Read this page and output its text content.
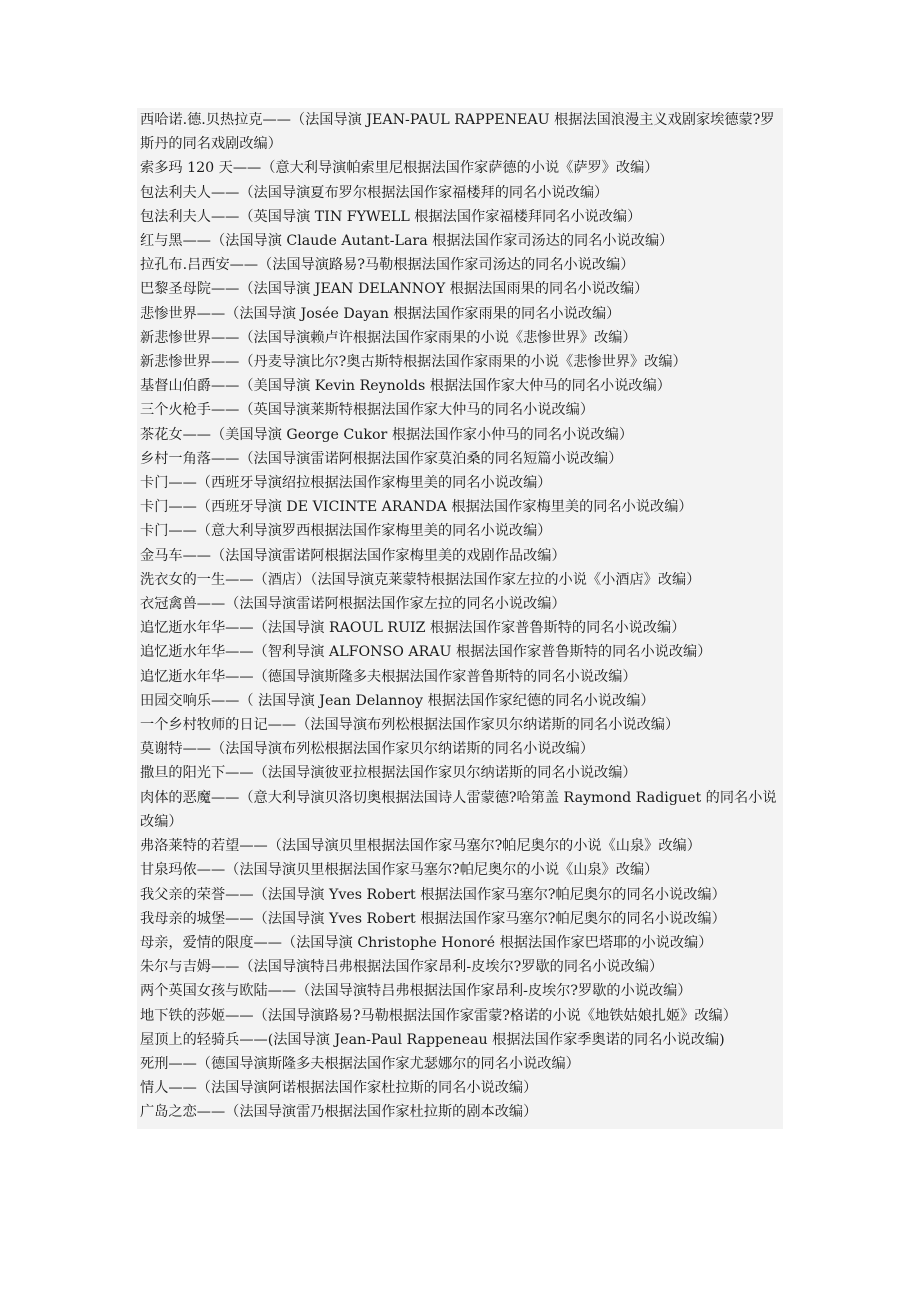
西哈诺.德.贝热拉克——（法国导演 JEAN-PAUL RAPPENEAU 根据法国浪漫主义戏剧家埃德蒙?罗斯丹的同名戏剧改编）

索多玛 120 天——（意大利导演帕索里尼根据法国作家萨德的小说《萨罗》改编）

包法利夫人——（法国导演夏布罗尔根据法国作家福楼拜的同名小说改编）

包法利夫人——（英国导演 TIN FYWELL 根据法国作家福楼拜同名小说改编）

红与黑——（法国导演 Claude Autant-Lara 根据法国作家司汤达的同名小说改编）

拉孔布.吕西安——（法国导演路易?马勒根据法国作家司汤达的同名小说改编）

巴黎圣母院——（法国导演 JEAN DELANNOY 根据法国雨果的同名小说改编）

悲惨世界——（法国导演 Josée Dayan 根据法国作家雨果的同名小说改编）

新悲惨世界——（法国导演赖卢许根据法国作家雨果的小说《悲惨世界》改编）

新悲惨世界——（丹麦导演比尔?奥古斯特根据法国作家雨果的小说《悲惨世界》改编）

基督山伯爵——（美国导演 Kevin Reynolds 根据法国作家大仲马的同名小说改编）

三个火枪手——（英国导演莱斯特根据法国作家大仲马的同名小说改编）

茶花女——（美国导演 George Cukor 根据法国作家小仲马的同名小说改编）

乡村一角落——（法国导演雷诺阿根据法国作家莫泊桑的同名短篇小说改编）

卡门——（西班牙导演绍拉根据法国作家梅里美的同名小说改编）

卡门——（西班牙导演 DE VICINTE ARANDA 根据法国作家梅里美的同名小说改编）

卡门——（意大利导演罗西根据法国作家梅里美的同名小说改编）

金马车——（法国导演雷诺阿根据法国作家梅里美的戏剧作品改编）

洗衣女的一生——（酒店）（法国导演克莱蒙特根据法国作家左拉的小说《小酒店》改编）

衣冠禽兽——（法国导演雷诺阿根据法国作家左拉的同名小说改编）

追忆逝水年华——（法国导演 RAOUL RUIZ 根据法国作家普鲁斯特的同名小说改编）

追忆逝水年华——（智利导演 ALFONSO ARAU 根据法国作家普鲁斯特的同名小说改编）

追忆逝水年华——（德国导演斯隆多夫根据法国作家普鲁斯特的同名小说改编）

田园交响乐——（ 法国导演 Jean Delannoy 根据法国作家纪德的同名小说改编）

一个乡村牧师的日记——（法国导演布列松根据法国作家贝尔纳诺斯的同名小说改编）

莫谢特——（法国导演布列松根据法国作家贝尔纳诺斯的同名小说改编）

撒旦的阳光下——（法国导演彼亚拉根据法国作家贝尔纳诺斯的同名小说改编）

肉体的恶魔——（意大利导演贝洛切奥根据法国诗人雷蒙德?哈第盖 Raymond Radiguet 的同名小说改编）

弗洛莱特的若望——（法国导演贝里根据法国作家马塞尔?帕尼奥尔的小说《山泉》改编）

甘泉玛侬——（法国导演贝里根据法国作家马塞尔?帕尼奥尔的小说《山泉》改编）

我父亲的荣誉——（法国导演 Yves Robert 根据法国作家马塞尔?帕尼奥尔的同名小说改编）

我母亲的城堡——（法国导演 Yves Robert 根据法国作家马塞尔?帕尼奥尔的同名小说改编）

母亲，爱情的限度——（法国导演 Christophe Honoré 根据法国作家巴塔耶的小说改编）

朱尔与吉姆——（法国导演特吕弗根据法国作家昂利-皮埃尔?罗歇的同名小说改编）

两个英国女孩与欧陆——（法国导演特吕弗根据法国作家昂利-皮埃尔?罗歇的小说改编）

地下铁的莎姬——（法国导演路易?马勒根据法国作家雷蒙?格诺的小说《地铁姑娘扎姬》改编）

屋顶上的轻骑兵——(法国导演 Jean-Paul Rappeneau 根据法国作家季奥诺的同名小说改编)

死刑——（德国导演斯隆多夫根据法国作家尤瑟娜尔的同名小说改编）

情人——（法国导演阿诺根据法国作家杜拉斯的同名小说改编）

广岛之恋——（法国导演雷乃根据法国作家杜拉斯的剧本改编）
